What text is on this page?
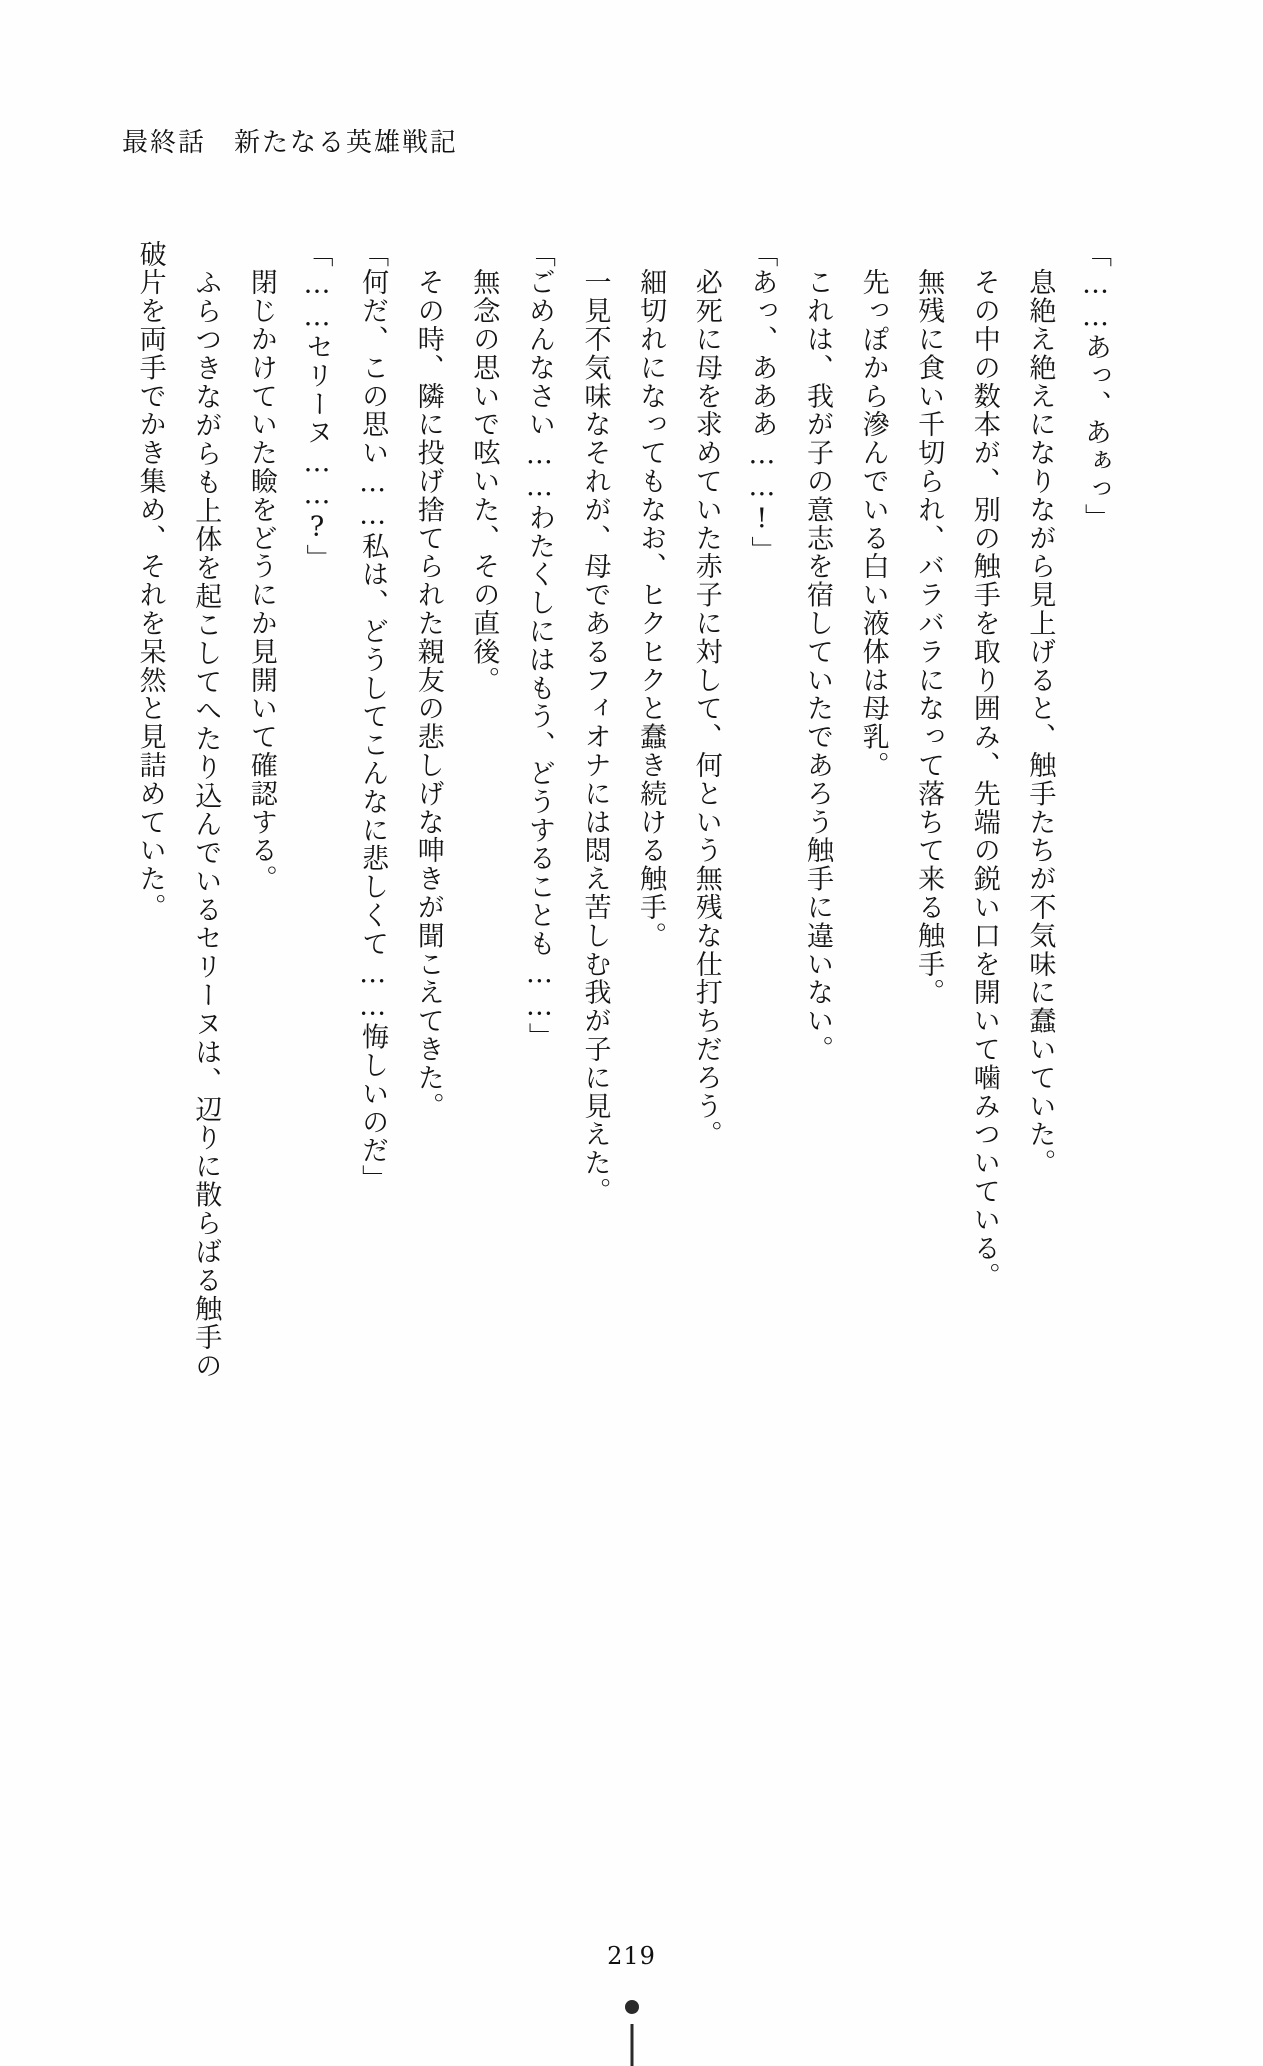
最終話　新たなる英雄戦記

「……あっ、あぁっ」

　息絶え絶えになりながら見上げると、触手たちが不気味に蠢いていた。

　その中の数本が、別の触手を取り囲み、先端の鋭い口を開いて噛みついている。

　無残に食い千切られ、バラバラになって落ちて来る触手。

　先っぽから滲んでいる白い液体は母乳。

　これは、我が子の意志を宿していたであろう触手に違いない。

「あっ、あああ……!」

　必死に母を求めていた赤子に対して、何という無残な仕打ちだろう。

　細切れになってもなお、ヒクヒクと蠢き続ける触手。

　一見不気味なそれが、母であるフィオナには悶え苦しむ我が子に見えた。

「ごめんなさい……わたくしにはもう、どうすることも……」

　無念の思いで呟いた、その直後。

　その時、隣に投げ捨てられた親友の悲しげな呻きが聞こえてきた。

「何だ、この思い……私は、どうしてこんなに悲しくて……悔しいのだ」

「……セリーヌ……?」

　閉じかけていた瞼をどうにか見開いて確認する。

　ふらつきながらも上体を起こしてへたり込んでいるセリーヌは、辺りに散らばる触手の破片を両手でかき集め、それを呆然と見詰めていた。

219
